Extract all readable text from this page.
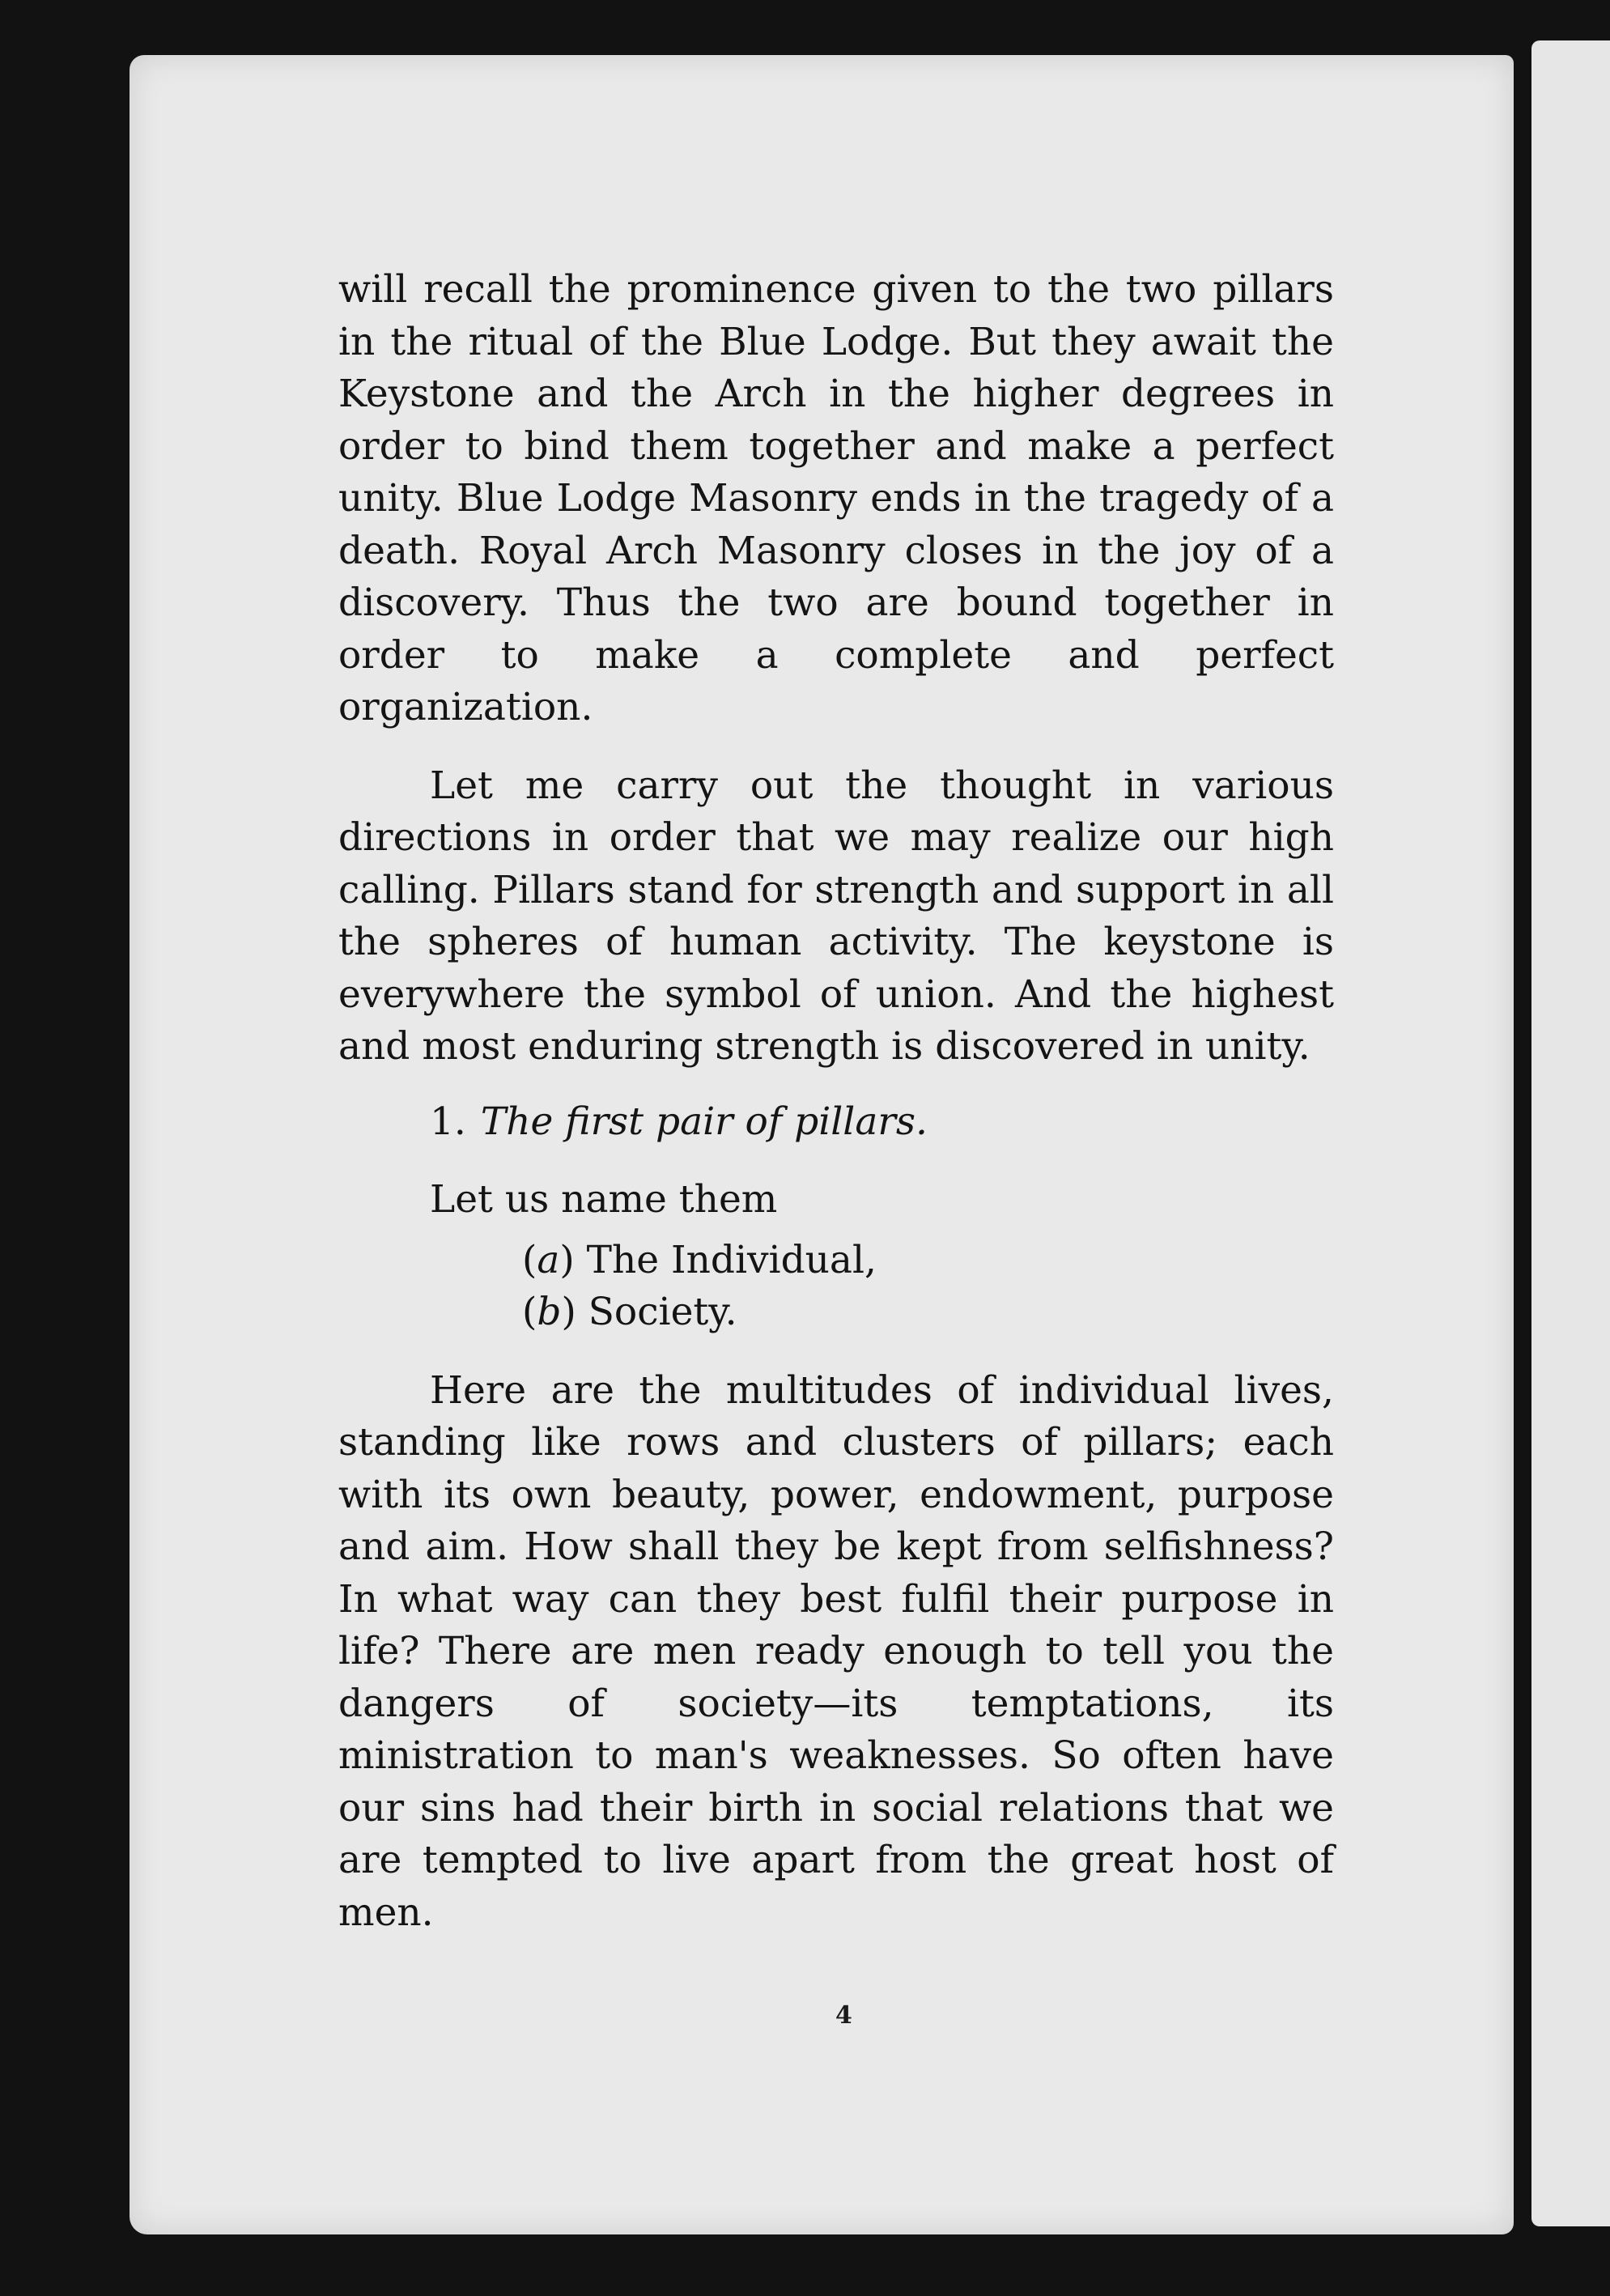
will recall the prominence given to the two pillars in the ritual of the Blue Lodge. But they await the Keystone and the Arch in the higher degrees in order to bind them together and make a perfect unity. Blue Lodge Masonry ends in the tragedy of a death. Royal Arch Masonry closes in the joy of a discovery. Thus the two are bound together in order to make a complete and perfect organization.

Let me carry out the thought in various directions in order that we may realize our high calling. Pillars stand for strength and support in all the spheres of human activity. The keystone is everywhere the symbol of union. And the highest and most enduring strength is discovered in unity.

1. The first pair of pillars.

Let us name them

(a) The Individual,
(b) Society.

Here are the multitudes of individual lives, standing like rows and clusters of pillars; each with its own beauty, power, endowment, purpose and aim. How shall they be kept from selfishness? In what way can they best fulfil their purpose in life? There are men ready enough to tell you the dangers of society—its temptations, its ministration to man's weaknesses. So often have our sins had their birth in social relations that we are tempted to live apart from the great host of men.

4
